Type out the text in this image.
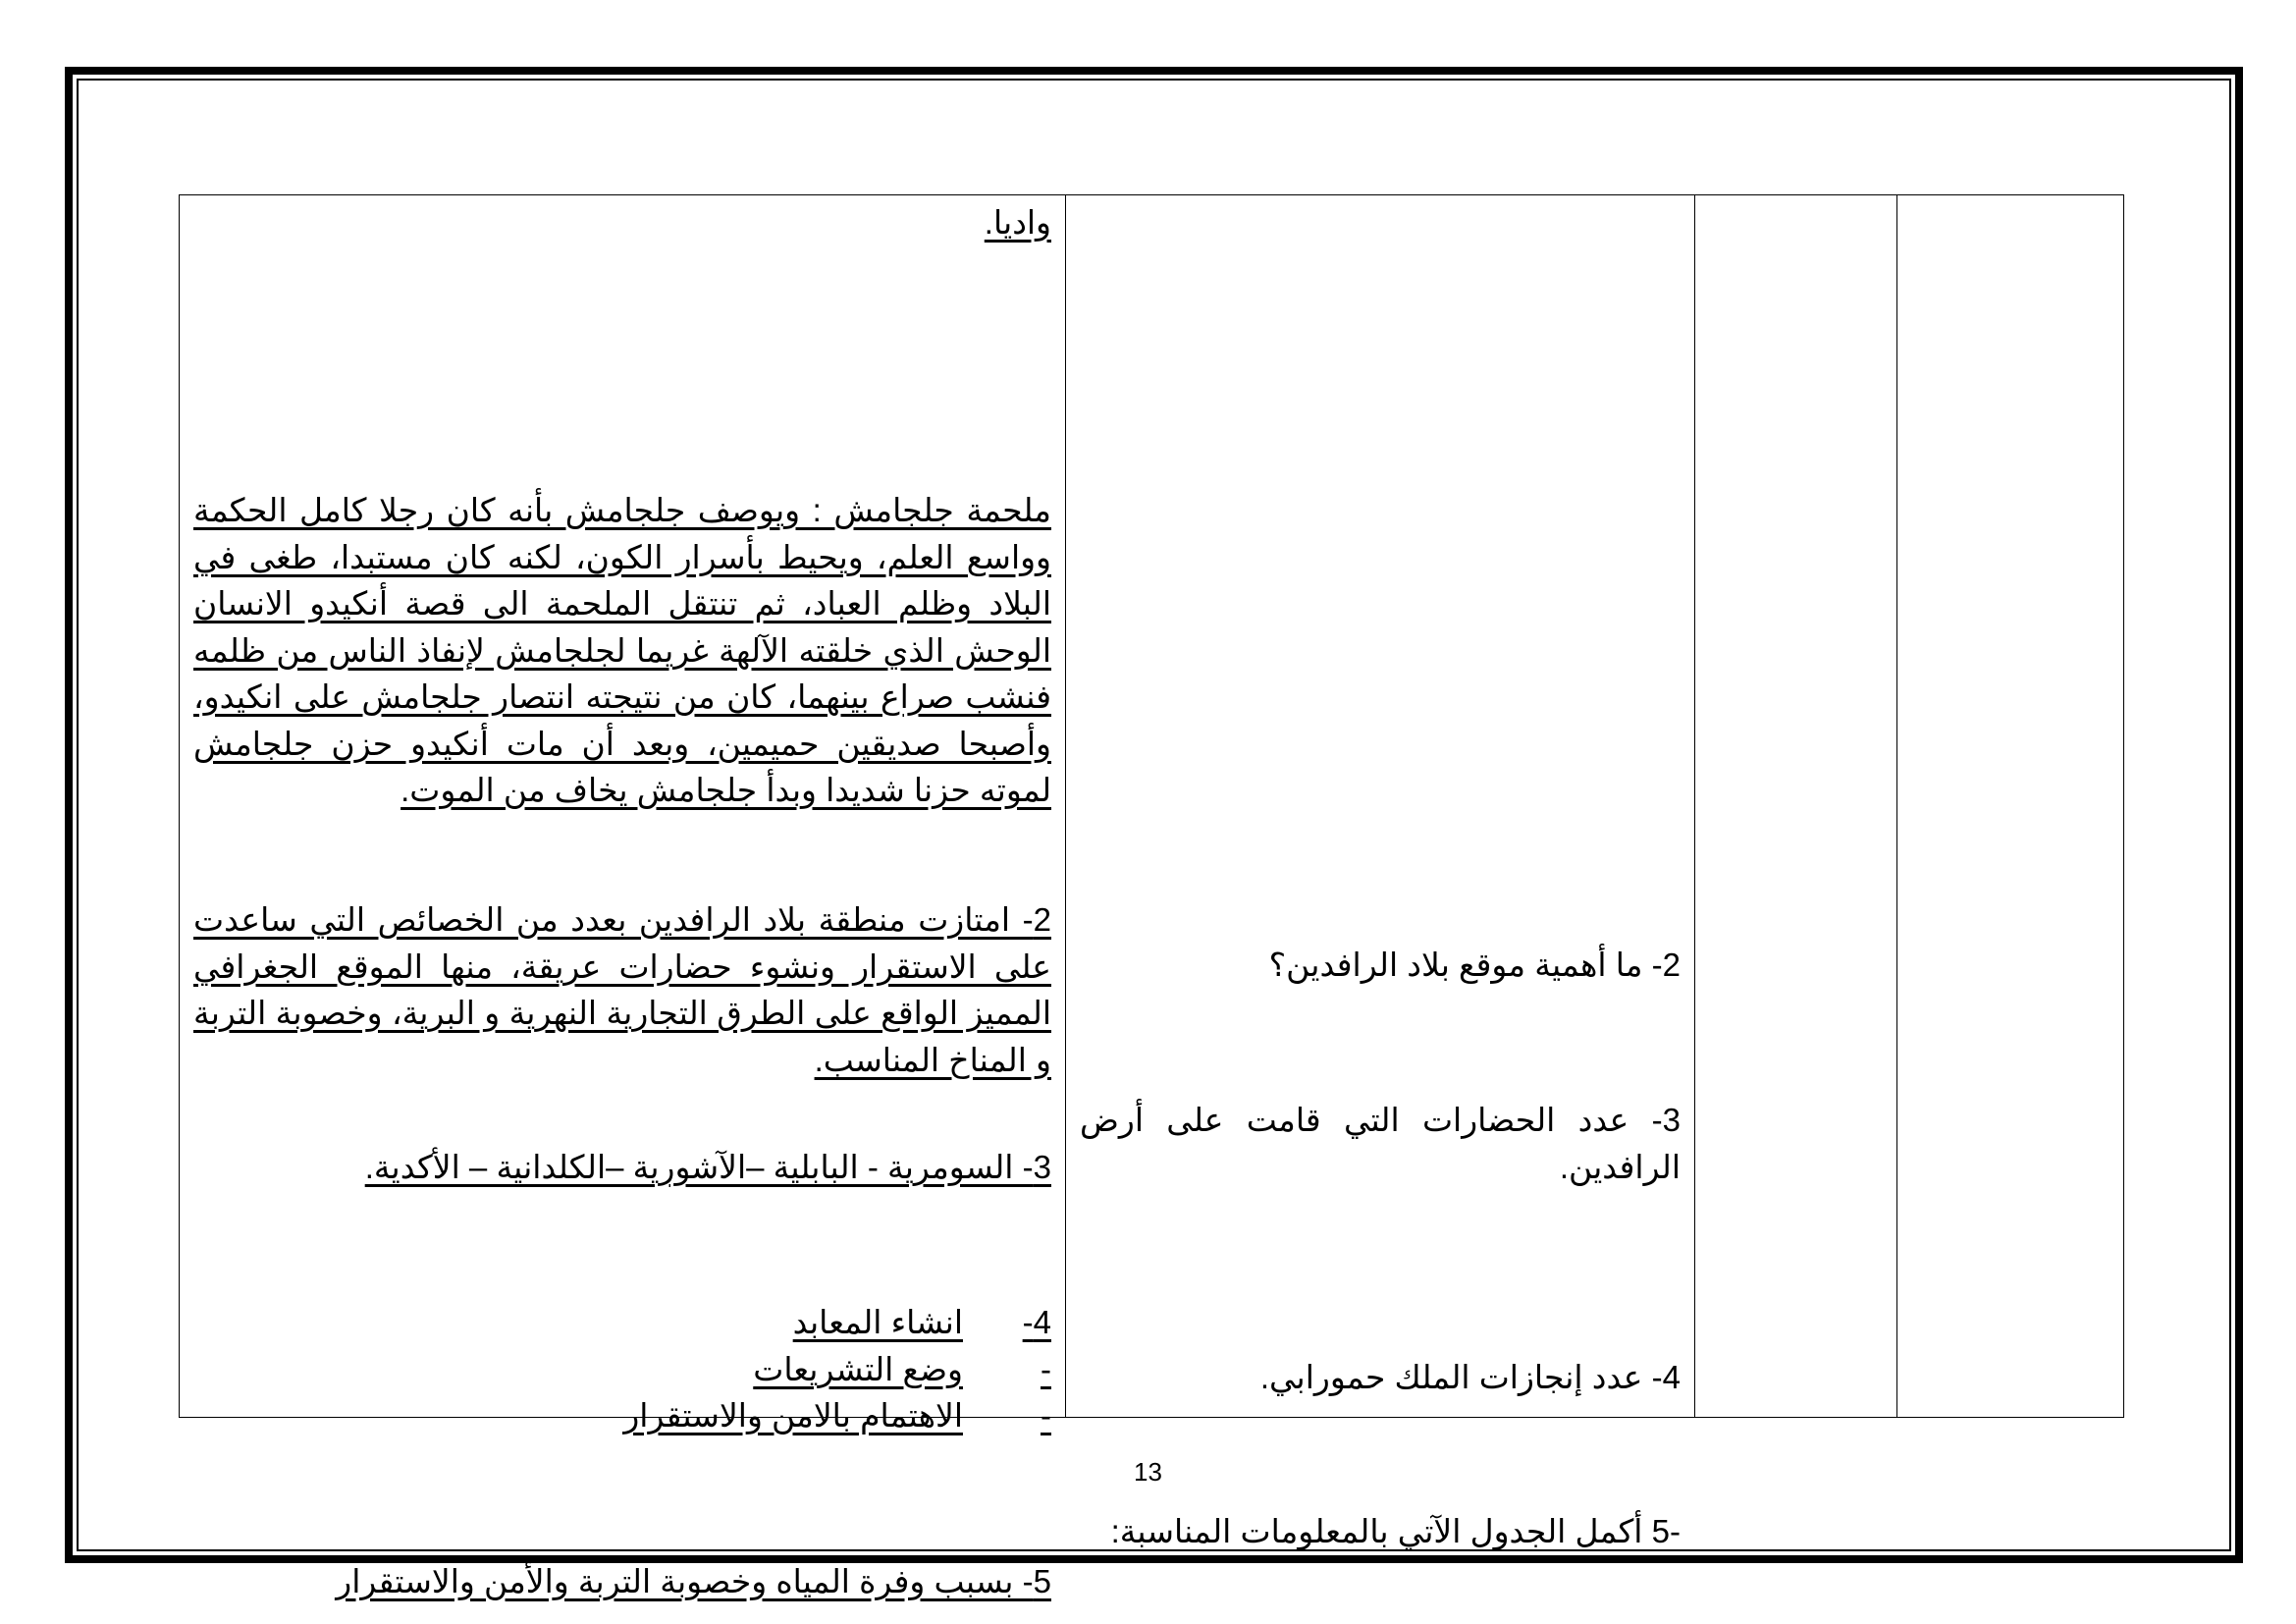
2- ما أهمية موقع بلاد الرافدين؟
3- عدد الحضارات التي قامت على أرض الرافدين.
4- عدد إنجازات الملك حمورابي.
-5 أكمل الجدول الآتي بالمعلومات المناسبة:

واديا.
ملحمة جلجامش : ويوصف جلجامش بأنه كان رجلا كامل الحكمة وواسع العلم، ويحيط بأسرار الكون، لكنه كان مستبدا، طغى في البلاد وظلم العباد، ثم تنتقل الملحمة الى قصة أنكيدو الانسان الوحش الذي خلقته الآلهة غريما لجلجامش لإنفاذ الناس من ظلمه فنشب صراع بينهما، كان من نتيجته انتصار جلجامش على انكيدو، وأصبحا صديقين حميمين، وبعد أن مات أنكيدو حزن جلجامش لموته حزنا شديدا وبدأ جلجامش يخاف من الموت.
2- امتازت منطقة بلاد الرافدين بعدد من الخصائص التي ساعدت على الاستقرار ونشوء حضارات عريقة، منها الموقع الجغرافي المميز الواقع على الطرق التجارية النهرية و البرية، وخصوبة التربة و المناخ المناسب.
3- السومرية - البابلية –الآشورية –الكلدانية – الأكدية.
4-
انشاء المعابد
-
وضع التشريعات
-
الاهتمام بالامن والاستقرار
5- بسبب وفرة المياه وخصوبة التربة والأمن والاستقرار
13
